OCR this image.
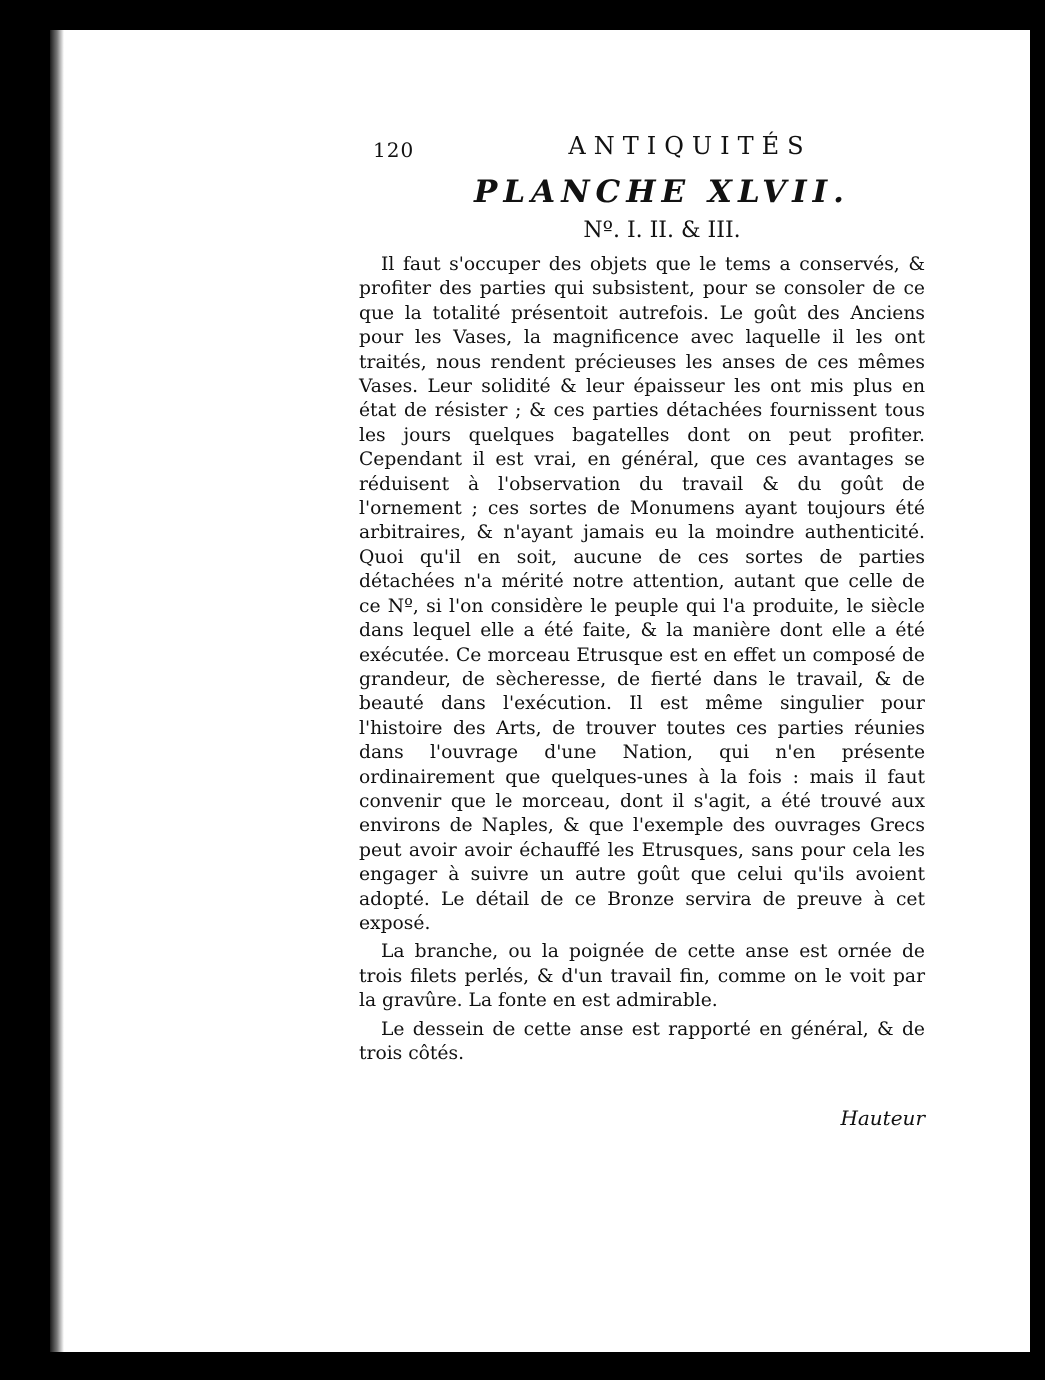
120	ANTIQUITÉS
PLANCHE XLVII.
Nº. I. II. & III.

Il faut s'occuper des objets que le tems a conservés, & profiter des parties qui subsistent, pour se consoler de ce que la totalité présentoit autrefois. Le goût des Anciens pour les Vases, la magnificence avec laquelle il les ont traités, nous rendent précieuses les anses de ces mêmes Vases. Leur solidité & leur épaisseur les ont mis plus en état de résister ; & ces parties détachées fournissent tous les jours quelques bagatelles dont on peut profiter. Cependant il est vrai, en général, que ces avantages se réduisent à l'observation du travail & du goût de l'ornement ; ces sortes de Monumens ayant toujours été arbitraires, & n'ayant jamais eu la moindre authenticité. Quoi qu'il en soit, aucune de ces sortes de parties détachées n'a mérité notre attention, autant que celle de ce Nº, si l'on considère le peuple qui l'a produite, le siècle dans lequel elle a été faite, & la manière dont elle a été exécutée. Ce morceau Etrusque est en effet un composé de grandeur, de sècheresse, de fierté dans le travail, & de beauté dans l'exécution. Il est même singulier pour l'histoire des Arts, de trouver toutes ces parties réunies dans l'ouvrage d'une Nation, qui n'en présente ordinairement que quelques-unes à la fois : mais il faut convenir que le morceau, dont il s'agit, a été trouvé aux environs de Naples, & que l'exemple des ouvrages Grecs peut avoir avoir échauffé les Etrusques, sans pour cela les engager à suivre un autre goût que celui qu'ils avoient adopté. Le détail de ce Bronze servira de preuve à cet exposé.

La branche, ou la poignée de cette anse est ornée de trois filets perlés, & d'un travail fin, comme on le voit par la gravûre. La fonte en est admirable.

Le dessein de cette anse est rapporté en général, & de trois côtés.

Hauteur
